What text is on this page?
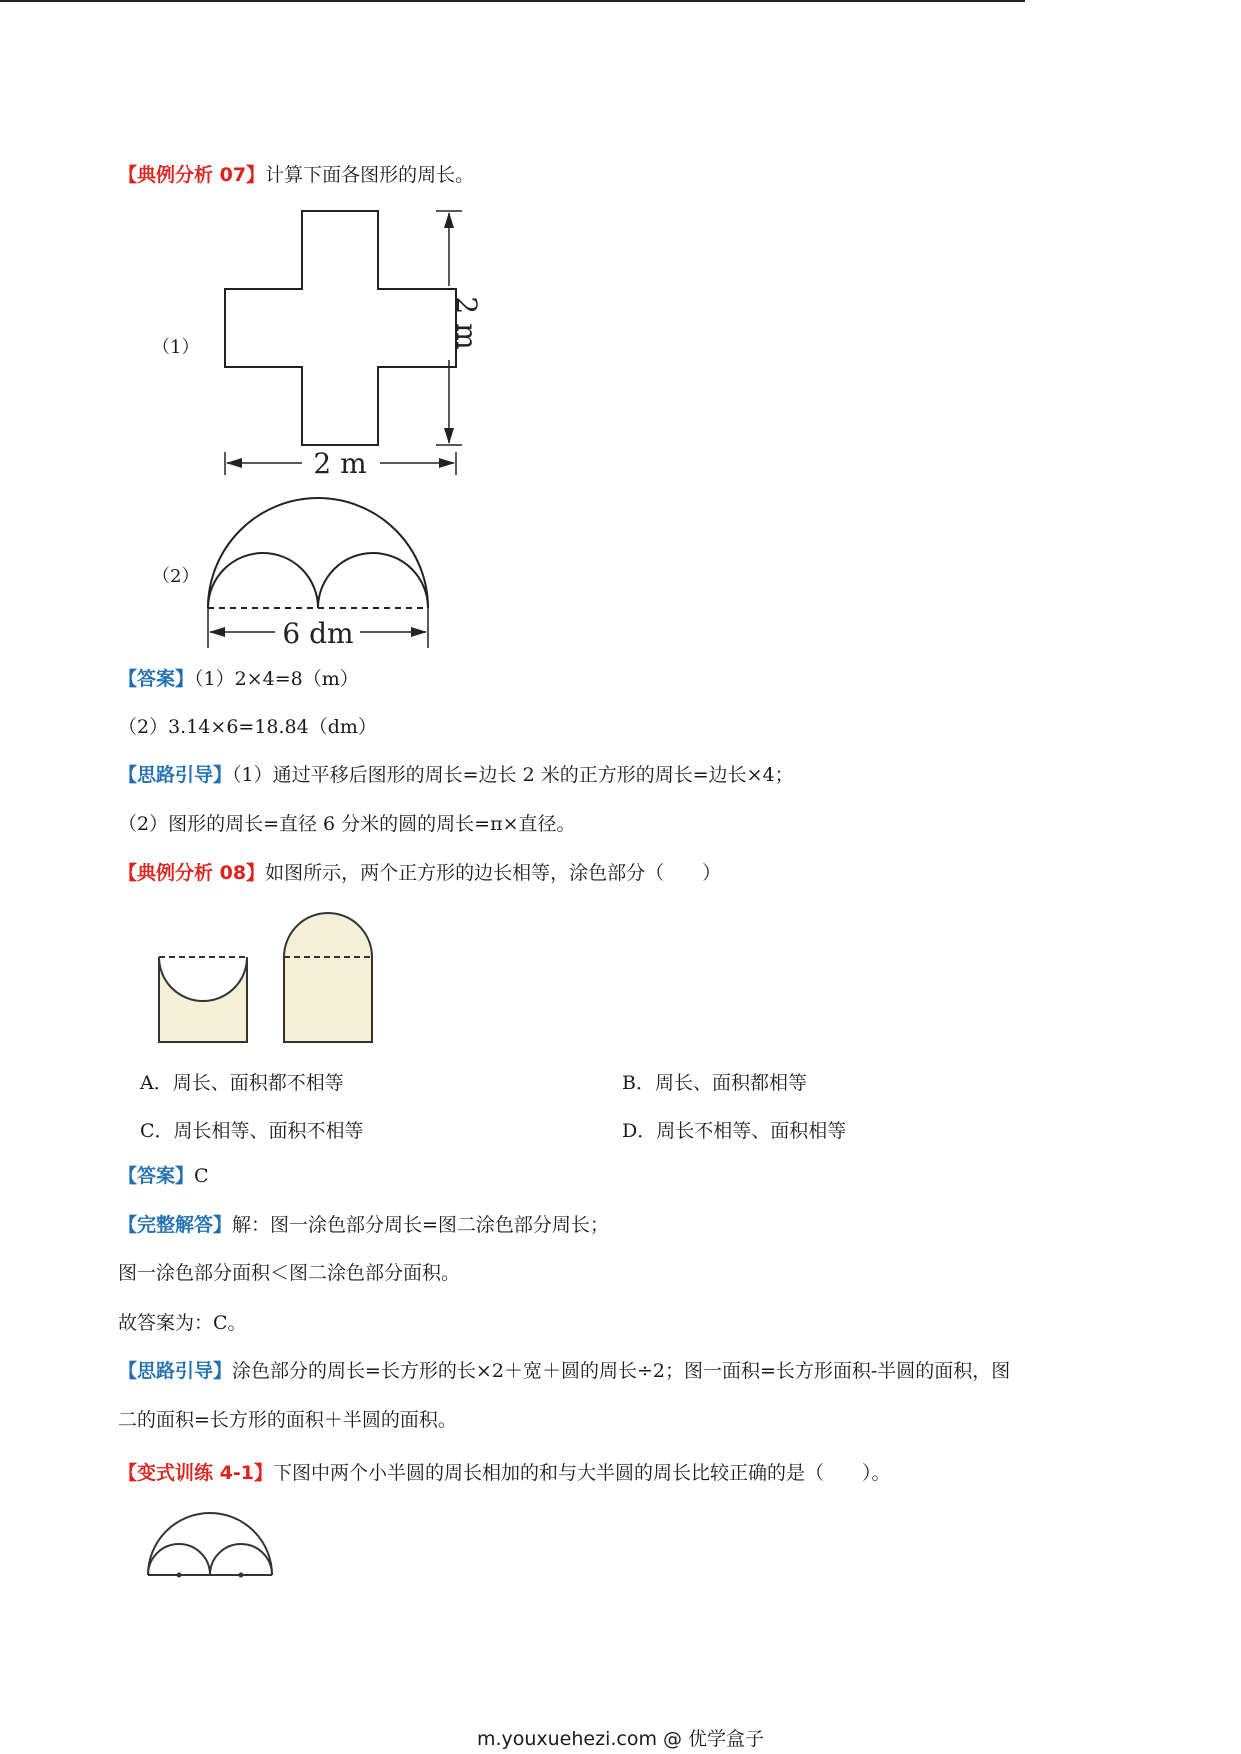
【典例分析 07】计算下面各图形的周长。
（1）	2 m
2 m
（2）
6 dm
【答案】（1）2×4=8（m）
（2）3.14×6=18.84（dm）
【思路引导】（1）通过平移后图形的周长=边长 2 米的正方形的周长=边长×4；
（2）图形的周长=直径 6 分米的圆的周长=π×直径。
【典例分析 08】如图所示，两个正方形的边长相等，涂色部分（　　）
A．周长、面积都不相等	B．周长、面积都相等
C．周长相等、面积不相等	D．周长不相等、面积相等
【答案】C
【完整解答】解：图一涂色部分周长=图二涂色部分周长；
图一涂色部分面积＜图二涂色部分面积。
故答案为：C。
【思路引导】涂色部分的周长=长方形的长×2＋宽＋圆的周长÷2；图一面积=长方形面积-半圆的面积，图
二的面积=长方形的面积＋半圆的面积。
【变式训练 4-1】下图中两个小半圆的周长相加的和与大半圆的周长比较正确的是（　　）。
m.youxuehezi.com @ 优学盒子
